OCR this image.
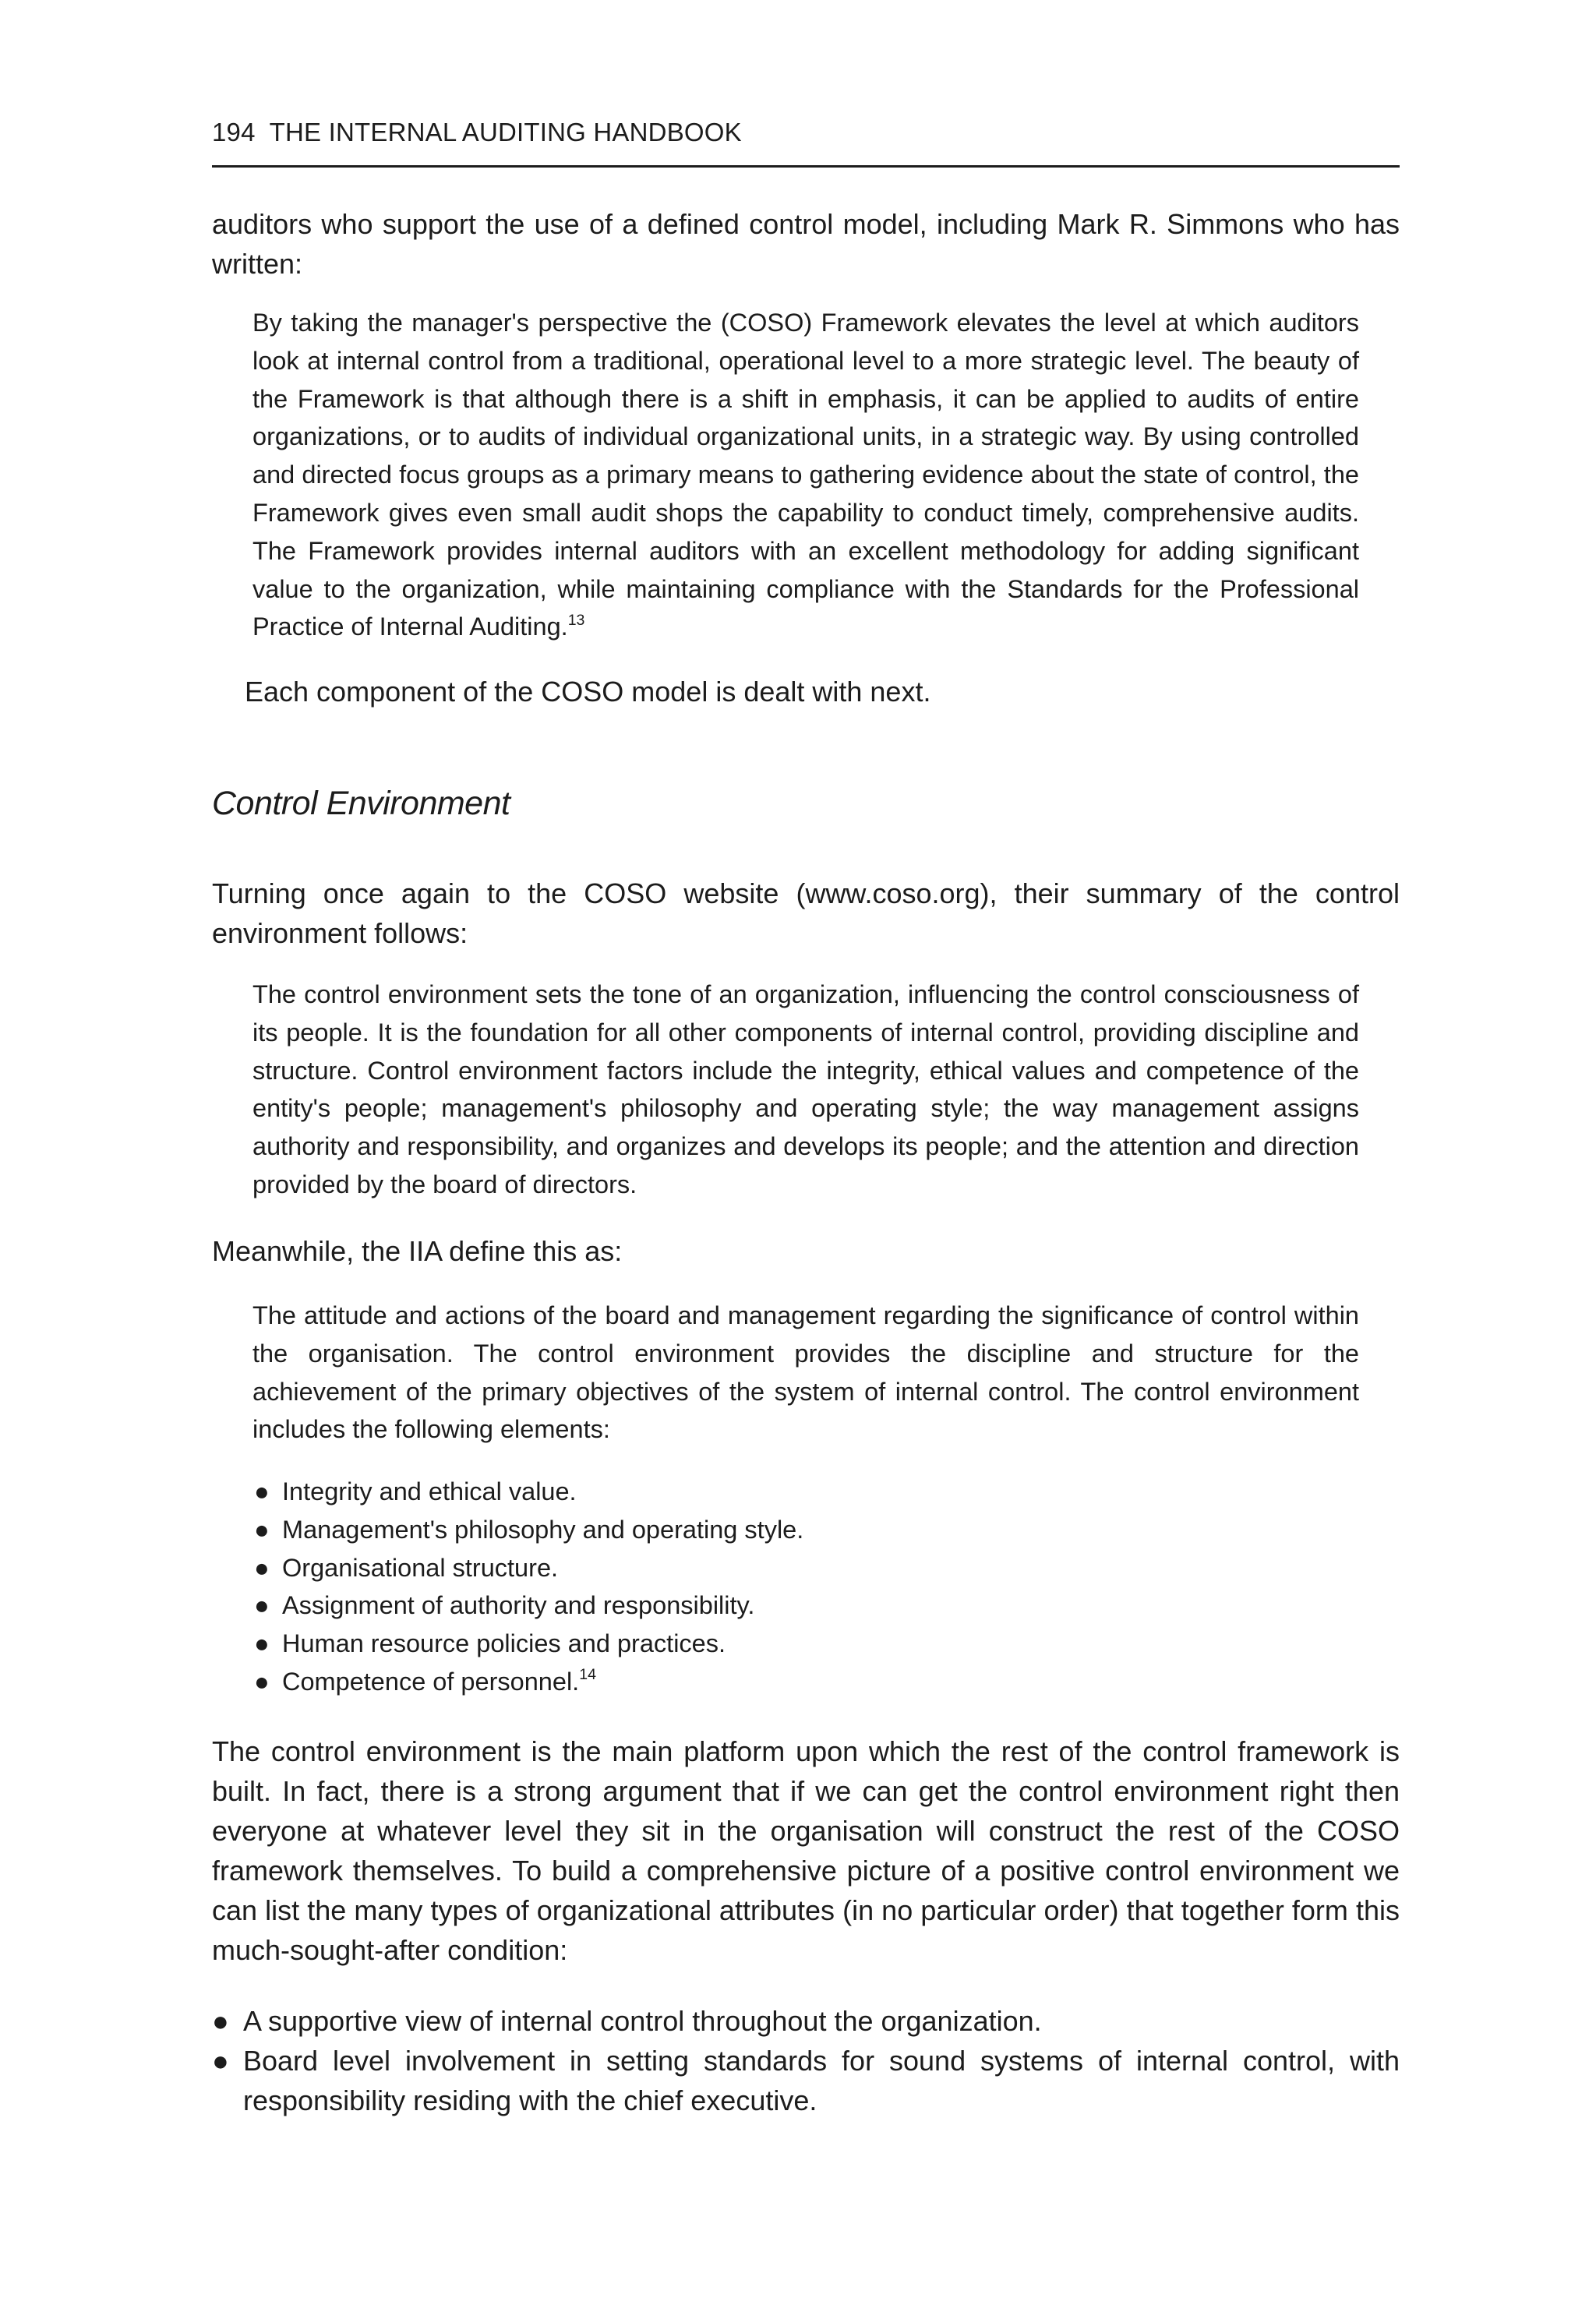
194 THE INTERNAL AUDITING HANDBOOK

auditors who support the use of a defined control model, including Mark R. Simmons who has written:

By taking the manager's perspective the (COSO) Framework elevates the level at which auditors look at internal control from a traditional, operational level to a more strategic level. The beauty of the Framework is that although there is a shift in emphasis, it can be applied to audits of entire organizations, or to audits of individual organizational units, in a strategic way. By using controlled and directed focus groups as a primary means to gathering evidence about the state of control, the Framework gives even small audit shops the capability to conduct timely, comprehensive audits. The Framework provides internal auditors with an excellent methodology for adding significant value to the organization, while maintaining compliance with the Standards for the Professional Practice of Internal Auditing.$^{13}$

Each component of the COSO model is dealt with next.

Control Environment

Turning once again to the COSO website (www.coso.org), their summary of the control environment follows:

The control environment sets the tone of an organization, influencing the control consciousness of its people. It is the foundation for all other components of internal control, providing discipline and structure. Control environment factors include the integrity, ethical values and competence of the entity's people; management's philosophy and operating style; the way management assigns authority and responsibility, and organizes and develops its people; and the attention and direction provided by the board of directors.

Meanwhile, the IIA define this as:

The attitude and actions of the board and management regarding the significance of control within the organisation. The control environment provides the discipline and structure for the achievement of the primary objectives of the system of internal control. The control environment includes the following elements:

● Integrity and ethical value.
● Management's philosophy and operating style.
● Organisational structure.
● Assignment of authority and responsibility.
● Human resource policies and practices.
● Competence of personnel.$^{14}$

The control environment is the main platform upon which the rest of the control framework is built. In fact, there is a strong argument that if we can get the control environment right then everyone at whatever level they sit in the organisation will construct the rest of the COSO framework themselves. To build a comprehensive picture of a positive control environment we can list the many types of organizational attributes (in no particular order) that together form this much-sought-after condition:

● A supportive view of internal control throughout the organization.
● Board level involvement in setting standards for sound systems of internal control, with responsibility residing with the chief executive.
